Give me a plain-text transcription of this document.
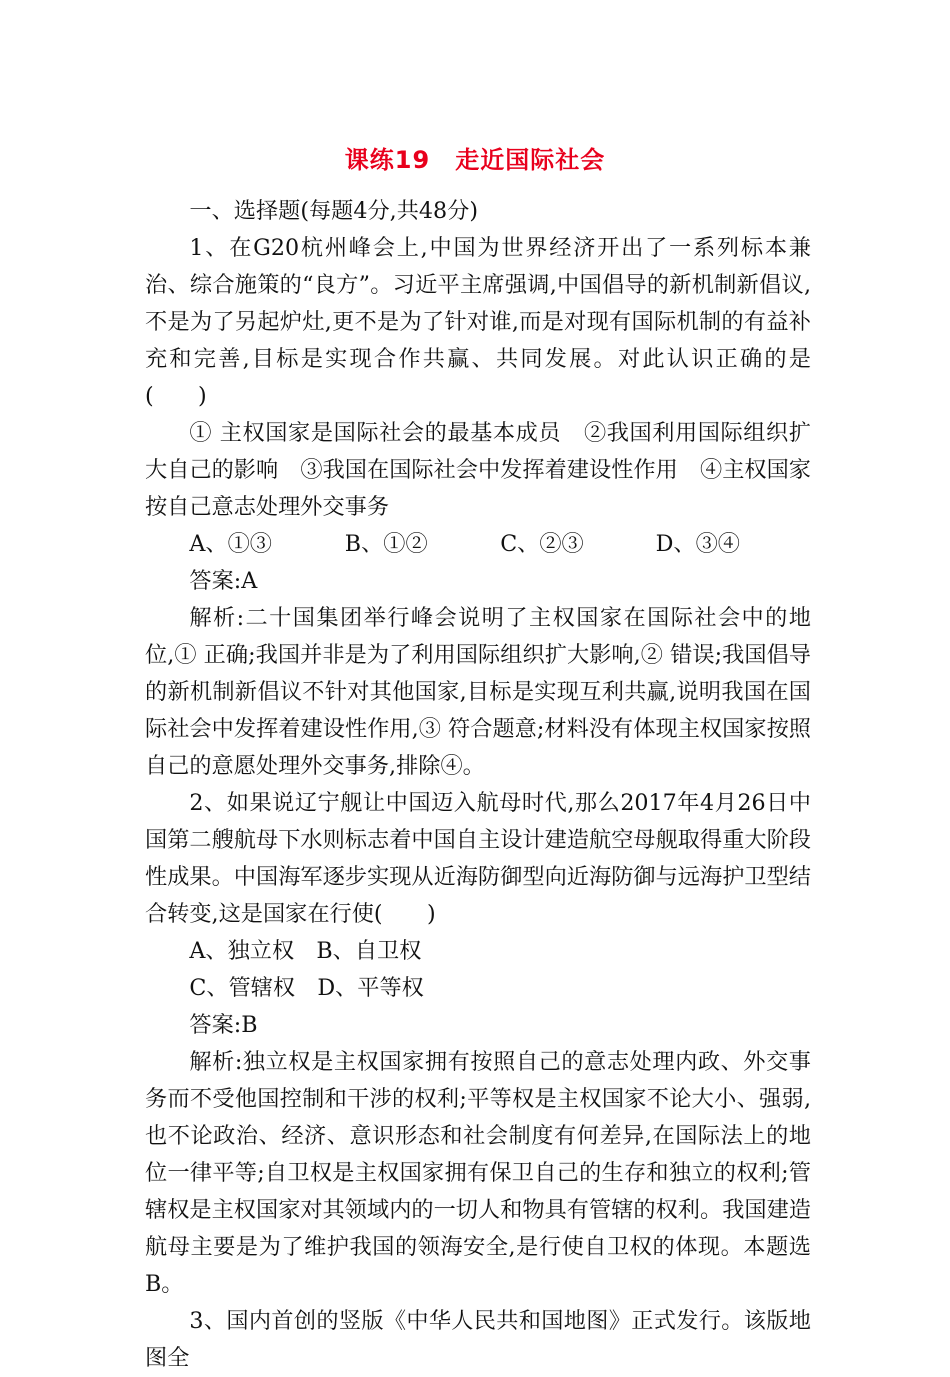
课练19　走近国际社会

一、选择题(每题4分,共48分)

1、在G20杭州峰会上,中国为世界经济开出了一系列标本兼治、综合施策的“良方”。习近平主席强调,中国倡导的新机制新倡议,不是为了另起炉灶,更不是为了针对谁,而是对现有国际机制的有益补充和完善,目标是实现合作共赢、共同发展。对此认识正确的是(　　)

① 主权国家是国际社会的最基本成员　②我国利用国际组织扩大自己的影响　③我国在国际社会中发挥着建设性作用　④主权国家按自己意志处理外交事务

A、①③	B、①②	C、②③	D、③④

答案:A

解析:二十国集团举行峰会说明了主权国家在国际社会中的地位,① 正确;我国并非是为了利用国际组织扩大影响,② 错误;我国倡导的新机制新倡议不针对其他国家,目标是实现互利共赢,说明我国在国际社会中发挥着建设性作用,③ 符合题意;材料没有体现主权国家按照自己的意愿处理外交事务,排除④。

2、如果说辽宁舰让中国迈入航母时代,那么2017年4月26日中国第二艘航母下水则标志着中国自主设计建造航空母舰取得重大阶段性成果。中国海军逐步实现从近海防御型向近海防御与远海护卫型结合转变,这是国家在行使(　　)

A、独立权 B、自卫权
C、管辖权 D、平等权

答案:B

解析:独立权是主权国家拥有按照自己的意志处理内政、外交事务而不受他国控制和干涉的权利;平等权是主权国家不论大小、强弱,也不论政治、经济、意识形态和社会制度有何差异,在国际法上的地位一律平等;自卫权是主权国家拥有保卫自己的生存和独立的权利;管辖权是主权国家对其领域内的一切人和物具有管辖的权利。我国建造航母主要是为了维护我国的领海安全,是行使自卫权的体现。本题选B。

3、国内首创的竖版《中华人民共和国地图》正式发行。该版地图全
